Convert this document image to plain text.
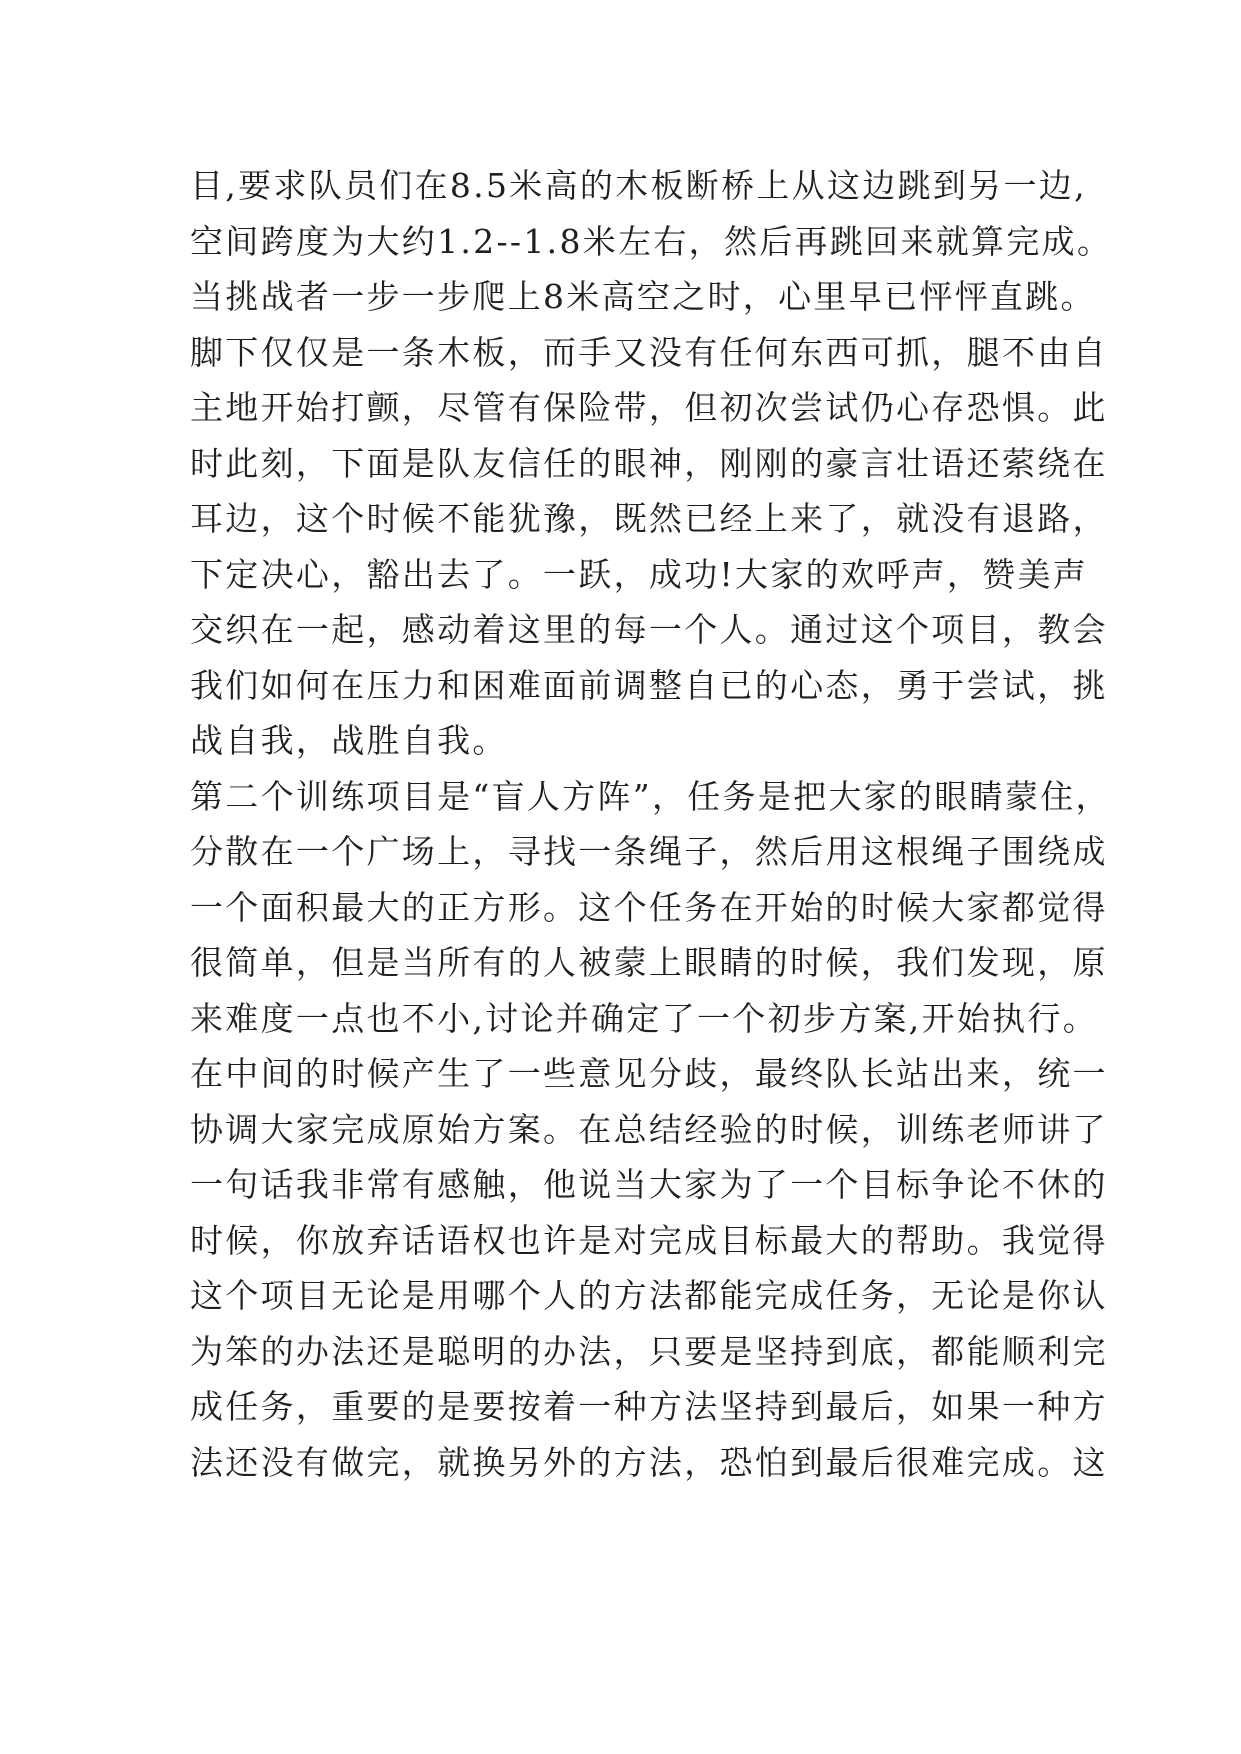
目,要求队员们在8.5米高的木板断桥上从这边跳到另一边,
空间跨度为大约1.2--1.8米左右，然后再跳回来就算完成。
当挑战者一步一步爬上8米高空之时，心里早已怦怦直跳。
脚下仅仅是一条木板，而手又没有任何东西可抓，腿不由自
主地开始打颤，尽管有保险带，但初次尝试仍心存恐惧。此
时此刻，下面是队友信任的眼神，刚刚的豪言壮语还萦绕在
耳边，这个时候不能犹豫，既然已经上来了，就没有退路，
下定决心，豁出去了。一跃，成功!大家的欢呼声，赞美声
交织在一起，感动着这里的每一个人。通过这个项目，教会
我们如何在压力和困难面前调整自已的心态，勇于尝试，挑
战自我，战胜自我。
第二个训练项目是“盲人方阵”，任务是把大家的眼睛蒙住，
分散在一个广场上，寻找一条绳子，然后用这根绳子围绕成
一个面积最大的正方形。这个任务在开始的时候大家都觉得
很简单，但是当所有的人被蒙上眼睛的时候，我们发现，原
来难度一点也不小,讨论并确定了一个初步方案,开始执行。
在中间的时候产生了一些意见分歧，最终队长站出来，统一
协调大家完成原始方案。在总结经验的时候，训练老师讲了
一句话我非常有感触，他说当大家为了一个目标争论不休的
时候，你放弃话语权也许是对完成目标最大的帮助。我觉得
这个项目无论是用哪个人的方法都能完成任务，无论是你认
为笨的办法还是聪明的办法，只要是坚持到底，都能顺利完
成任务，重要的是要按着一种方法坚持到最后，如果一种方
法还没有做完，就换另外的方法，恐怕到最后很难完成。这
